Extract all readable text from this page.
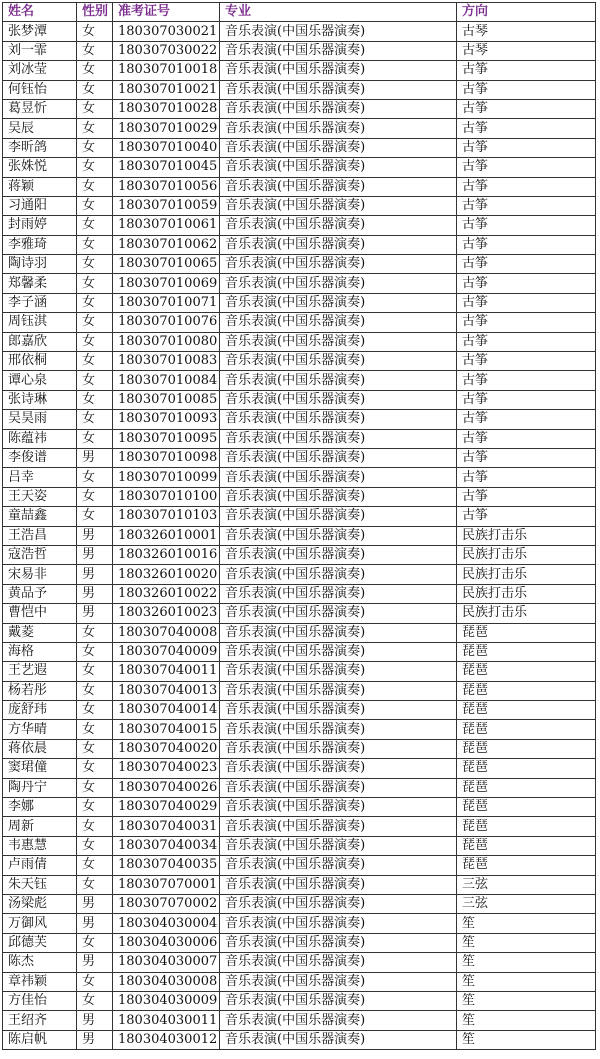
姓名	性别	准考证号	专业	方向
张梦潭	女	180307030021	音乐表演(中国乐器演奏)	古琴
刘一霏	女	180307030022	音乐表演(中国乐器演奏)	古琴
刘冰莹	女	180307010018	音乐表演(中国乐器演奏)	古筝
何钰怡	女	180307010021	音乐表演(中国乐器演奏)	古筝
葛昱忻	女	180307010028	音乐表演(中国乐器演奏)	古筝
吴辰	女	180307010029	音乐表演(中国乐器演奏)	古筝
李昕鸽	女	180307010040	音乐表演(中国乐器演奏)	古筝
张姝悦	女	180307010045	音乐表演(中国乐器演奏)	古筝
蒋颖	女	180307010056	音乐表演(中国乐器演奏)	古筝
习通阳	女	180307010059	音乐表演(中国乐器演奏)	古筝
封雨婷	女	180307010061	音乐表演(中国乐器演奏)	古筝
李雅琦	女	180307010062	音乐表演(中国乐器演奏)	古筝
陶诗羽	女	180307010065	音乐表演(中国乐器演奏)	古筝
郑馨柔	女	180307010069	音乐表演(中国乐器演奏)	古筝
李子涵	女	180307010071	音乐表演(中国乐器演奏)	古筝
周钰淇	女	180307010076	音乐表演(中国乐器演奏)	古筝
郎嘉欣	女	180307010080	音乐表演(中国乐器演奏)	古筝
邢依桐	女	180307010083	音乐表演(中国乐器演奏)	古筝
谭心泉	女	180307010084	音乐表演(中国乐器演奏)	古筝
张诗琳	女	180307010085	音乐表演(中国乐器演奏)	古筝
吴昊雨	女	180307010093	音乐表演(中国乐器演奏)	古筝
陈蕴祎	女	180307010095	音乐表演(中国乐器演奏)	古筝
李俊谱	男	180307010098	音乐表演(中国乐器演奏)	古筝
吕幸	女	180307010099	音乐表演(中国乐器演奏)	古筝
王天姿	女	180307010100	音乐表演(中国乐器演奏)	古筝
童喆鑫	女	180307010103	音乐表演(中国乐器演奏)	古筝
王浩昌	男	180326010001	音乐表演(中国乐器演奏)	民族打击乐
寇浩哲	男	180326010016	音乐表演(中国乐器演奏)	民族打击乐
宋易非	男	180326010020	音乐表演(中国乐器演奏)	民族打击乐
黄品予	男	180326010022	音乐表演(中国乐器演奏)	民族打击乐
曹恺中	男	180326010023	音乐表演(中国乐器演奏)	民族打击乐
戴菱	女	180307040008	音乐表演(中国乐器演奏)	琵琶
海格	女	180307040009	音乐表演(中国乐器演奏)	琵琶
王艺遐	女	180307040011	音乐表演(中国乐器演奏)	琵琶
杨若彤	女	180307040013	音乐表演(中国乐器演奏)	琵琶
庞舒玮	女	180307040014	音乐表演(中国乐器演奏)	琵琶
方华晴	女	180307040015	音乐表演(中国乐器演奏)	琵琶
蒋依晨	女	180307040020	音乐表演(中国乐器演奏)	琵琶
窦珺僮	女	180307040023	音乐表演(中国乐器演奏)	琵琶
陶丹宁	女	180307040026	音乐表演(中国乐器演奏)	琵琶
李娜	女	180307040029	音乐表演(中国乐器演奏)	琵琶
周新	女	180307040031	音乐表演(中国乐器演奏)	琵琶
韦惠慧	女	180307040034	音乐表演(中国乐器演奏)	琵琶
卢雨倩	女	180307040035	音乐表演(中国乐器演奏)	琵琶
朱天钰	女	180307070001	音乐表演(中国乐器演奏)	三弦
汤梁彪	男	180307070002	音乐表演(中国乐器演奏)	三弦
万御风	男	180304030004	音乐表演(中国乐器演奏)	笙
邱德芙	女	180304030006	音乐表演(中国乐器演奏)	笙
陈杰	男	180304030007	音乐表演(中国乐器演奏)	笙
章祎颖	女	180304030008	音乐表演(中国乐器演奏)	笙
方佳怡	女	180304030009	音乐表演(中国乐器演奏)	笙
王绍齐	男	180304030011	音乐表演(中国乐器演奏)	笙
陈启帆	男	180304030012	音乐表演(中国乐器演奏)	笙
